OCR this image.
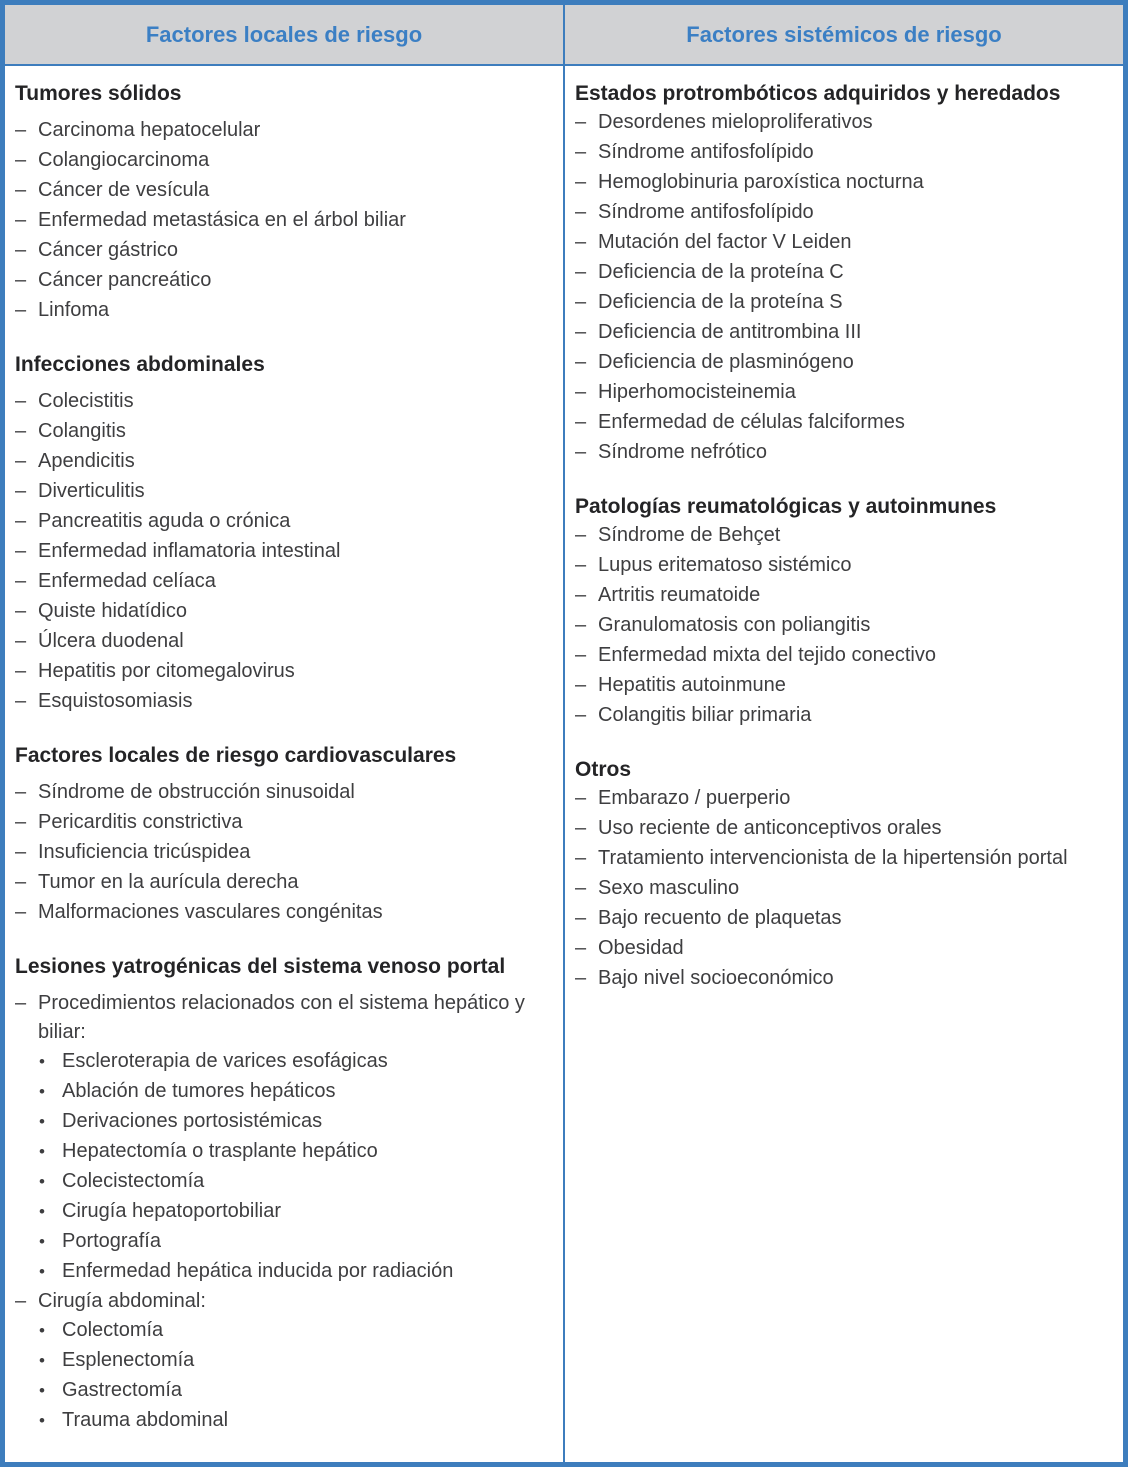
Factores locales de riesgo	Factores sistémicos de riesgo
Tumores sólidos
– Carcinoma hepatocelular
– Colangiocarcinoma
– Cáncer de vesícula
– Enfermedad metastásica en el árbol biliar
– Cáncer gástrico
– Cáncer pancreático
– Linfoma
Infecciones abdominales
– Colecistitis
– Colangitis
– Apendicitis
– Diverticulitis
– Pancreatitis aguda o crónica
– Enfermedad inflamatoria intestinal
– Enfermedad celíaca
– Quiste hidatídico
– Úlcera duodenal
– Hepatitis por citomegalovirus
– Esquistosomiasis
Factores locales de riesgo cardiovasculares
– Síndrome de obstrucción sinusoidal
– Pericarditis constrictiva
– Insuficiencia tricúspidea
– Tumor en la aurícula derecha
– Malformaciones vasculares congénitas
Lesiones yatrogénicas del sistema venoso portal
– Procedimientos relacionados con el sistema hepático y biliar:
• Escleroterapia de varices esofágicas
• Ablación de tumores hepáticos
• Derivaciones portosistémicas
• Hepatectomía o trasplante hepático
• Colecistectomía
• Cirugía hepatoportobiliar
• Portografía
• Enfermedad hepática inducida por radiación
– Cirugía abdominal:
• Colectomía
• Esplenectomía
• Gastrectomía
• Trauma abdominal
Estados protrombóticos adquiridos y heredados
– Desordenes mieloproliferativos
– Síndrome antifosfolípido
– Hemoglobinuria paroxística nocturna
– Síndrome antifosfolípido
– Mutación del factor V Leiden
– Deficiencia de la proteína C
– Deficiencia de la proteína S
– Deficiencia de antitrombina III
– Deficiencia de plasminógeno
– Hiperhomocisteinemia
– Enfermedad de células falciformes
– Síndrome nefrótico
Patologías reumatológicas y autoinmunes
– Síndrome de Behçet
– Lupus eritematoso sistémico
– Artritis reumatoide
– Granulomatosis con poliangitis
– Enfermedad mixta del tejido conectivo
– Hepatitis autoinmune
– Colangitis biliar primaria
Otros
– Embarazo / puerperio
– Uso reciente de anticonceptivos orales
– Tratamiento intervencionista de la hipertensión portal
– Sexo masculino
– Bajo recuento de plaquetas
– Obesidad
– Bajo nivel socioeconómico
